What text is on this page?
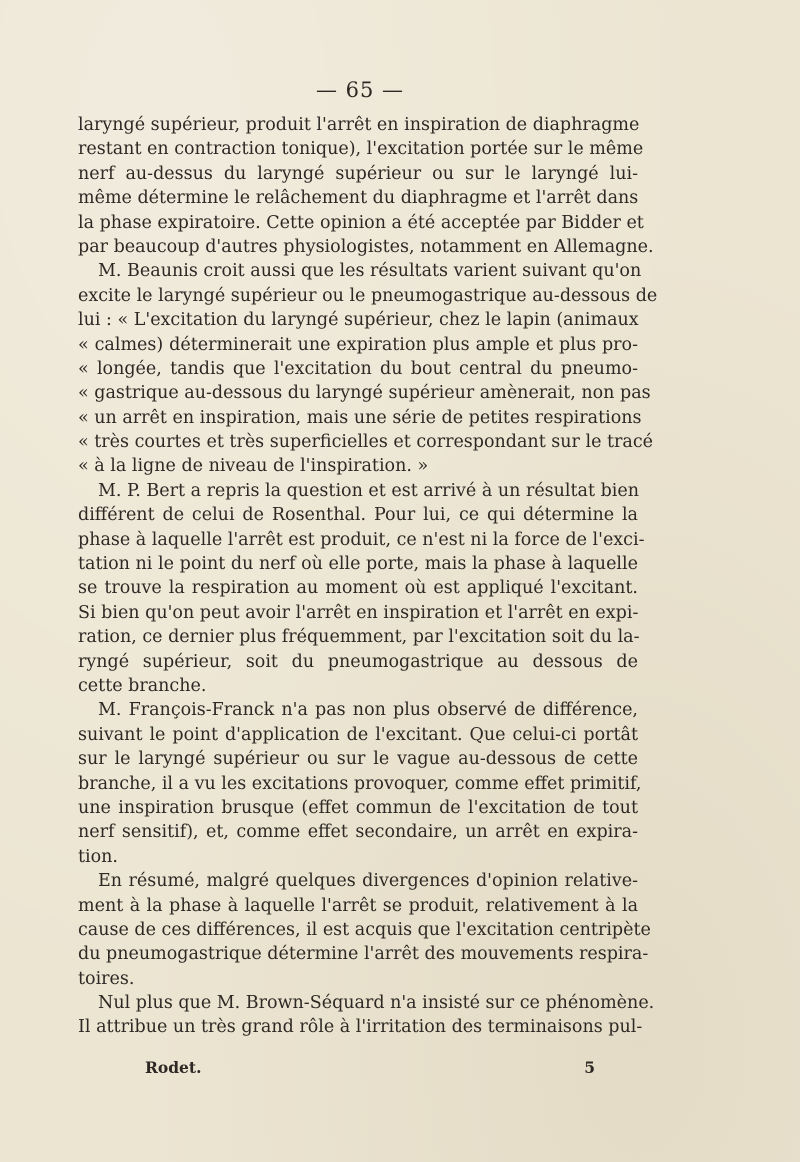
— 65 —
laryngé supérieur, produit l'arrêt en inspiration de diaphragme
restant en contraction tonique), l'excitation portée sur le même
nerf au-dessus du laryngé supérieur ou sur le laryngé lui-
même détermine le relâchement du diaphragme et l'arrêt dans
la phase expiratoire. Cette opinion a été acceptée par Bidder et
par beaucoup d'autres physiologistes, notamment en Allemagne.
M. Beaunis croit aussi que les résultats varient suivant qu'on
excite le laryngé supérieur ou le pneumogastrique au-dessous de
lui : « L'excitation du laryngé supérieur, chez le lapin (animaux
« calmes) déterminerait une expiration plus ample et plus pro-
« longée, tandis que l'excitation du bout central du pneumo-
« gastrique au-dessous du laryngé supérieur amènerait, non pas
« un arrêt en inspiration, mais une série de petites respirations
« très courtes et très superficielles et correspondant sur le tracé
« à la ligne de niveau de l'inspiration. »
M. P. Bert a repris la question et est arrivé à un résultat bien
différent de celui de Rosenthal. Pour lui, ce qui détermine la
phase à laquelle l'arrêt est produit, ce n'est ni la force de l'exci-
tation ni le point du nerf où elle porte, mais la phase à laquelle
se trouve la respiration au moment où est appliqué l'excitant.
Si bien qu'on peut avoir l'arrêt en inspiration et l'arrêt en expi-
ration, ce dernier plus fréquemment, par l'excitation soit du la-
ryngé supérieur, soit du pneumogastrique au dessous de
cette branche.
M. François-Franck n'a pas non plus observé de différence,
suivant le point d'application de l'excitant. Que celui-ci portât
sur le laryngé supérieur ou sur le vague au-dessous de cette
branche, il a vu les excitations provoquer, comme effet primitif,
une inspiration brusque (effet commun de l'excitation de tout
nerf sensitif), et, comme effet secondaire, un arrêt en expira-
tion.
En résumé, malgré quelques divergences d'opinion relative-
ment à la phase à laquelle l'arrêt se produit, relativement à la
cause de ces différences, il est acquis que l'excitation centripète
du pneumogastrique détermine l'arrêt des mouvements respira-
toires.
Nul plus que M. Brown-Séquard n'a insisté sur ce phénomène.
Il attribue un très grand rôle à l'irritation des terminaisons pul-
Rodet.	5
